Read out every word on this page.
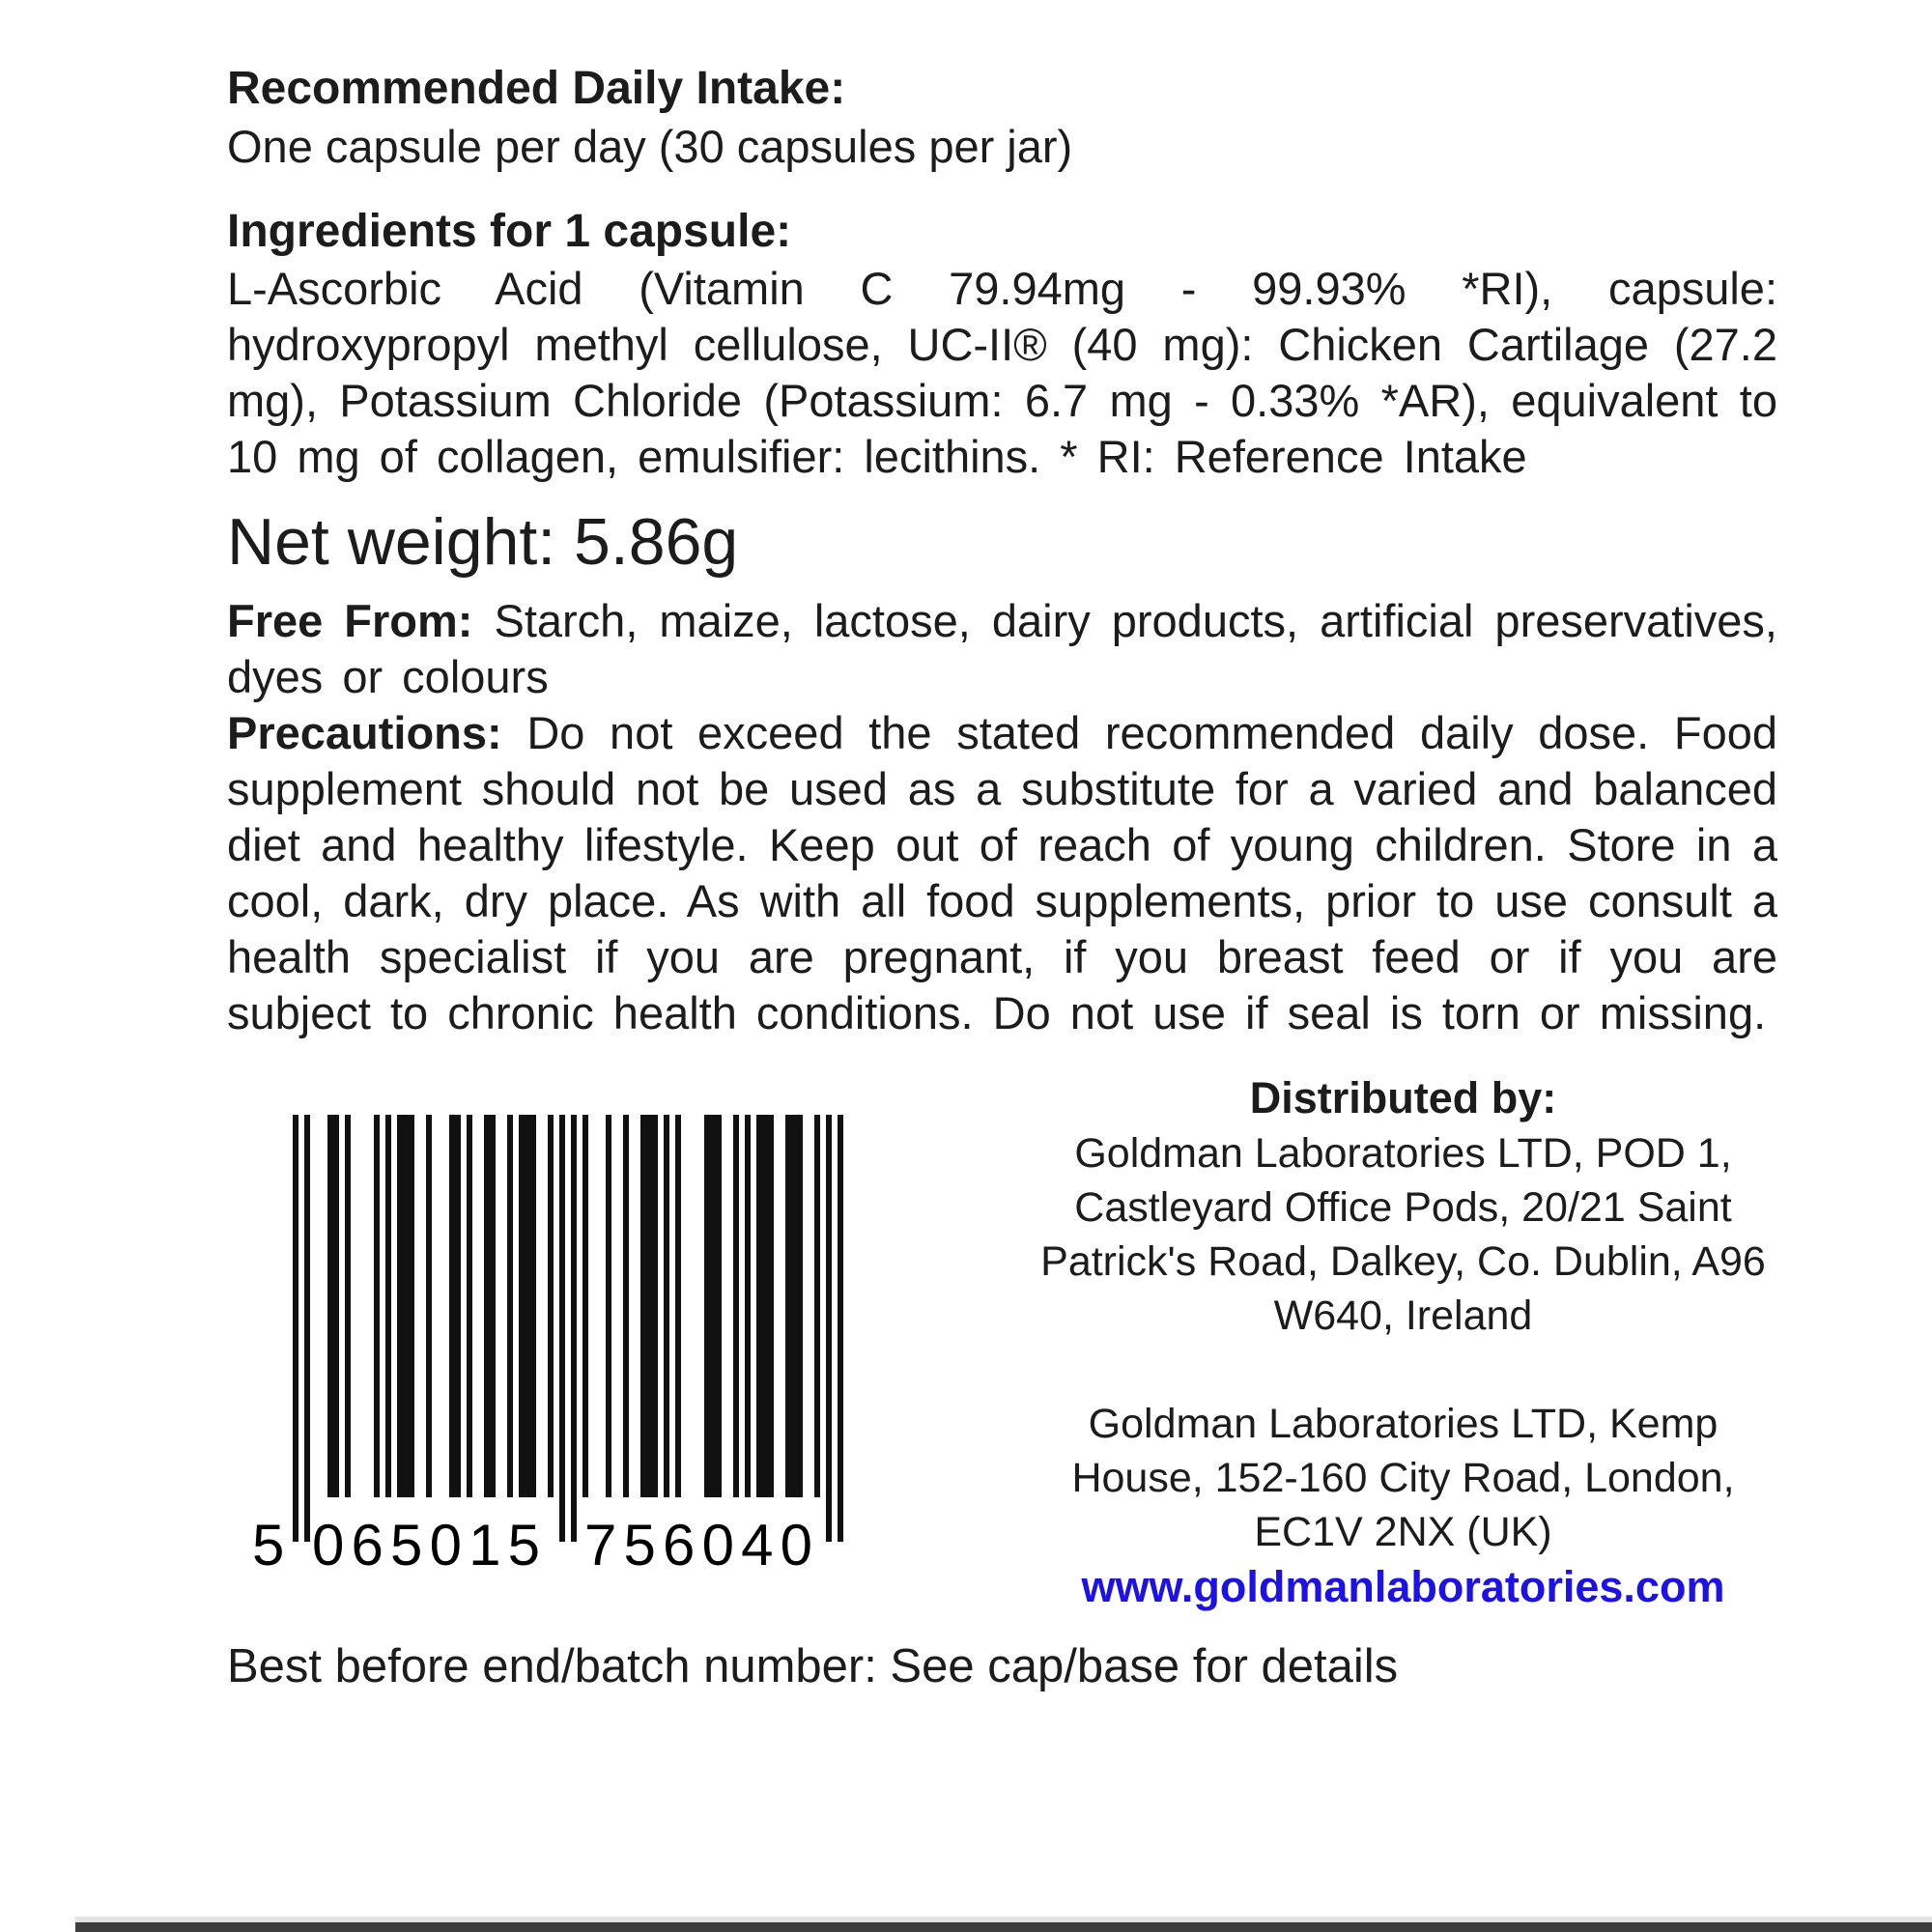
Recommended Daily Intake:
One capsule per day (30 capsules per jar)
Ingredients for 1 capsule:

L-Ascorbic Acid (Vitamin C 79.94mg - 99.93% *RI), capsule: hydroxypropyl methyl cellulose, UC-II® (40 mg): Chicken Cartilage (27.2 mg), Potassium Chloride (Potassium: 6.7 mg - 0.33% *AR), equivalent to 10 mg of collagen, emulsifier: lecithins. * RI: Reference Intake

Net weight: 5.86g

Free From: Starch, maize, lactose, dairy products, artificial preservatives, dyes or colours

Precautions: Do not exceed the stated recommended daily dose. Food supplement should not be used as a substitute for a varied and balanced diet and healthy lifestyle. Keep out of reach of young children. Store in a cool, dark, dry place. As with all food supplements, prior to use consult a health specialist if you are pregnant, if you breast feed or if you are subject to chronic health conditions. Do not use if seal is torn or missing.

5 065015 756040
Distributed by:

Goldman Laboratories LTD, POD 1, Castleyard Office Pods, 20/21 Saint Patrick's Road, Dalkey, Co. Dublin, A96 W640, Ireland

Goldman Laboratories LTD, Kemp House, 152-160 City Road, London, EC1V 2NX (UK)

www.goldmanlaboratories.com
Best before end/batch number: See cap/base for details
